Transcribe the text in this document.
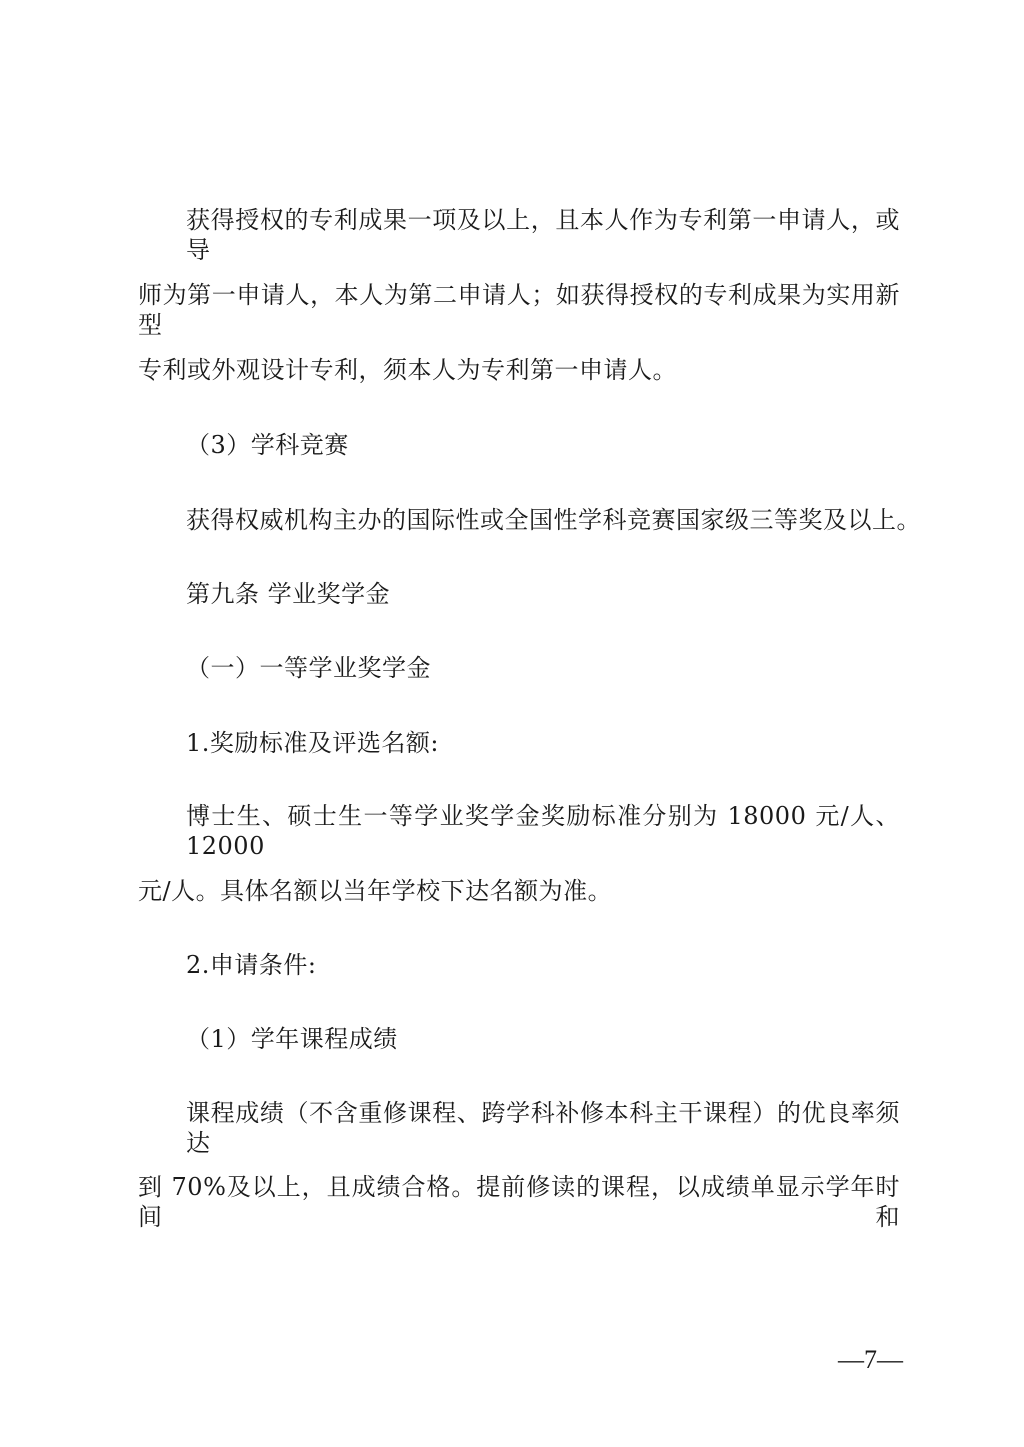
获得授权的专利成果一项及以上，且本人作为专利第一申请人，或导
师为第一申请人，本人为第二申请人；如获得授权的专利成果为实用新型
专利或外观设计专利，须本人为专利第一申请人。
（3）学科竞赛
获得权威机构主办的国际性或全国性学科竞赛国家级三等奖及以上。
第九条 学业奖学金
（一）一等学业奖学金
1.奖励标准及评选名额:
博士生、硕士生一等学业奖学金奖励标准分别为 18000 元/人、12000
元/人。具体名额以当年学校下达名额为准。
2.申请条件:
（1）学年课程成绩
课程成绩（不含重修课程、跨学科补修本科主干课程）的优良率须达
到 70%及以上，且成绩合格。提前修读的课程，以成绩单显示学年时间和
—7—
